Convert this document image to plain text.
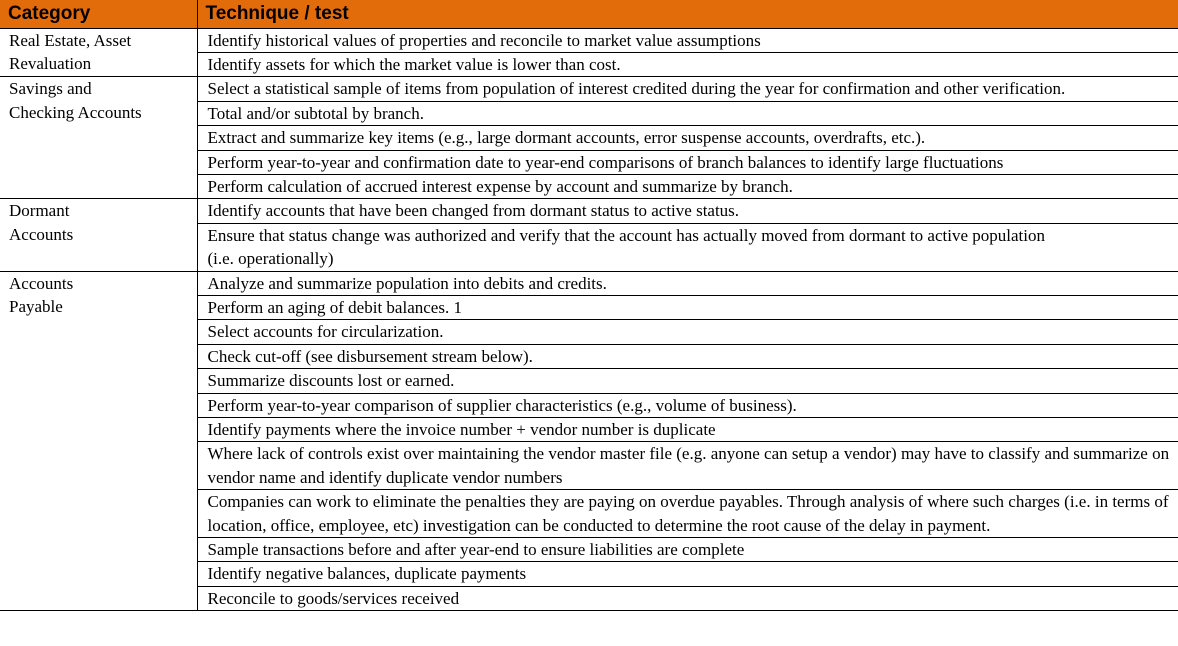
Category	Technique / test
Real Estate, Asset Revaluation	Identify historical values of properties and reconcile to market value assumptions
	Identify assets for which the market value is lower than cost.
Savings and Checking Accounts	Select a statistical sample of items from population of interest credited during the year for confirmation and other verification.
	Total and/or subtotal by branch.
	Extract and summarize key items (e.g., large dormant accounts, error suspense accounts, overdrafts, etc.).
	Perform year-to-year and confirmation date to year-end comparisons of branch balances to identify large fluctuations
	Perform calculation of accrued interest expense by account and summarize by branch.
Dormant Accounts	Identify accounts that have been changed from dormant status to active status.
	Ensure that status change was authorized and verify that the account has actually moved from dormant to active population (i.e. operationally)
Accounts Payable	Analyze and summarize population into debits and credits.
	Perform an aging of debit balances. 1
	Select accounts for circularization.
	Check cut-off (see disbursement stream below).
	Summarize discounts lost or earned.
	Perform year-to-year comparison of supplier characteristics (e.g., volume of business).
	Identify payments where the invoice number + vendor number is duplicate
	Where lack of controls exist over maintaining the vendor master file (e.g. anyone can setup a vendor) may have to classify and summarize on vendor name and identify duplicate vendor numbers
	Companies can work to eliminate the penalties they are paying on overdue payables. Through analysis of where such charges (i.e. in terms of location, office, employee, etc) investigation can be conducted to determine the root cause of the delay in payment.
	Sample transactions before and after year-end to ensure liabilities are complete
	Identify negative balances, duplicate payments
	Reconcile to goods/services received
